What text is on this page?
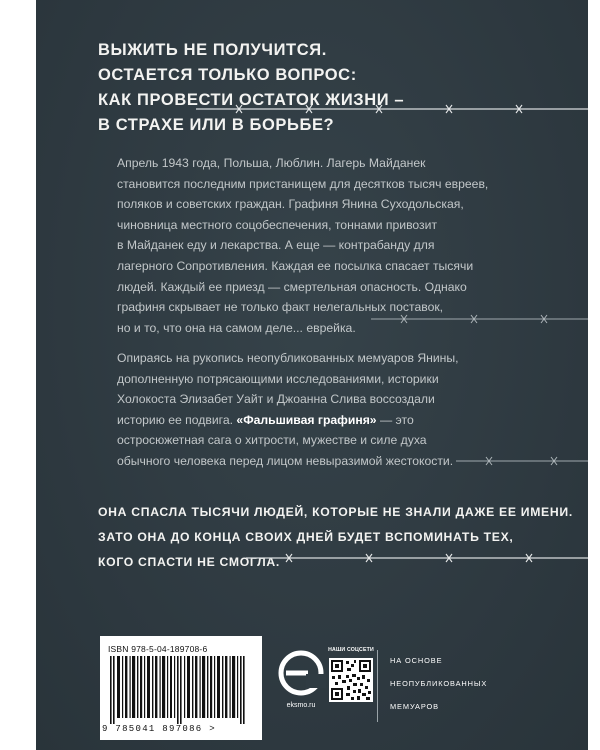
ВЫЖИТЬ НЕ ПОЛУЧИТСЯ.
ОСТАЕТСЯ ТОЛЬКО ВОПРОС:
КАК ПРОВЕСТИ ОСТАТОК ЖИЗНИ –
В СТРАХЕ ИЛИ В БОРЬБЕ?
Апрель 1943 года, Польша, Люблин. Лагерь Майданек
становится последним пристанищем для десятков тысяч евреев,
поляков и советских граждан. Графиня Янина Суходольская,
чиновница местного соцобеспечения, тоннами привозит
в Майданек еду и лекарства. А еще — контрабанду для
лагерного Сопротивления. Каждая ее посылка спасает тысячи
людей. Каждый ее приезд — смертельная опасность. Однако
графиня скрывает не только факт нелегальных поставок,
но и то, что она на самом деле... еврейка.
Опираясь на рукопись неопубликованных мемуаров Янины,
дополненную потрясающими исследованиями, историки
Холокоста Элизабет Уайт и Джоанна Слива воссоздали
историю ее подвига. «Фальшивая графиня» — это
остросюжетная сага о хитрости, мужестве и силе духа
обычного человека перед лицом невыразимой жестокости.
ОНА СПАСЛА ТЫСЯЧИ ЛЮДЕЙ, КОТОРЫЕ НЕ ЗНАЛИ ДАЖЕ ЕЕ ИМЕНИ.
ЗАТО ОНА ДО КОНЦА СВОИХ ДНЕЙ БУДЕТ ВСПОМИНАТЬ ТЕХ,
КОГО СПАСТИ НЕ СМОГЛА.
ISBN 978-5-04-189708-6
9 785041 897086 >
eksmo.ru
НАШИ СОЦСЕТИ
НА ОСНОВЕ
НЕОПУБЛИКОВАННЫХ
МЕМУАРОВ
